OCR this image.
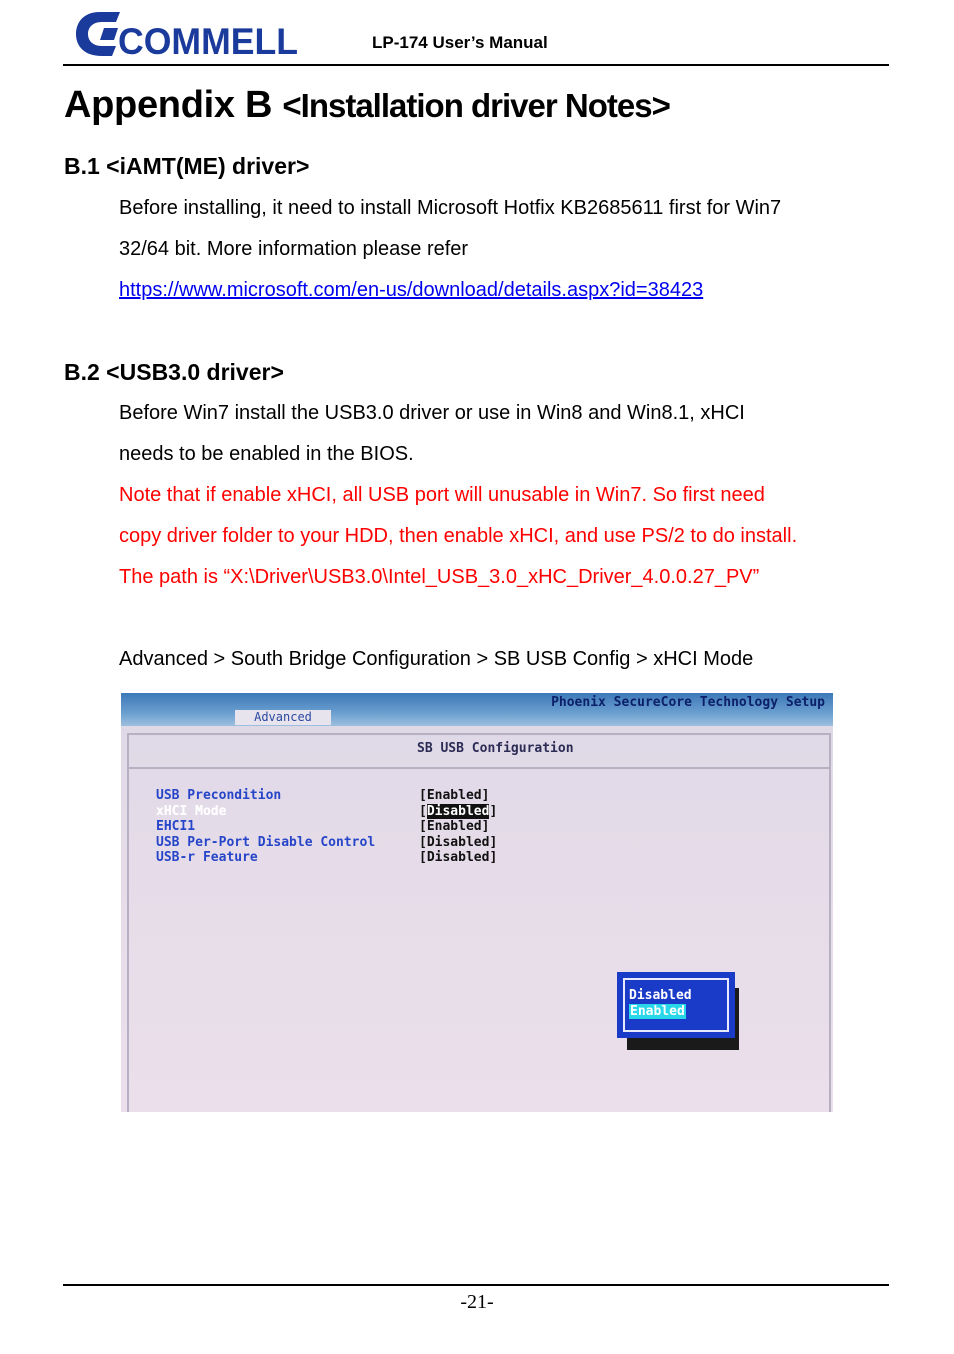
COMMELL	LP-174 User’s Manual
Appendix B <Installation driver Notes>
B.1 <iAMT(ME) driver>
Before installing, it need to install Microsoft Hotfix KB2685611 first for Win7
32/64 bit. More information please refer
https://www.microsoft.com/en-us/download/details.aspx?id=38423
B.2 <USB3.0 driver>
Before Win7 install the USB3.0 driver or use in Win8 and Win8.1, xHCI
needs to be enabled in the BIOS.
Note that if enable xHCI, all USB port will unusable in Win7. So first need
copy driver folder to your HDD, then enable xHCI, and use PS/2 to do install.
The path is “X:\Driver\USB3.0\Intel_USB_3.0_xHC_Driver_4.0.0.27_PV”
Advanced > South Bridge Configuration > SB USB Config > xHCI Mode
Phoenix SecureCore Technology Setup
Advanced
SB USB Configuration
USB Precondition
xHCI Mode
EHCI1
USB Per-Port Disable Control
USB-r Feature
[Enabled]
[Disabled]
[Enabled]
[Disabled]
[Disabled]
Disabled
Enabled
-21-
